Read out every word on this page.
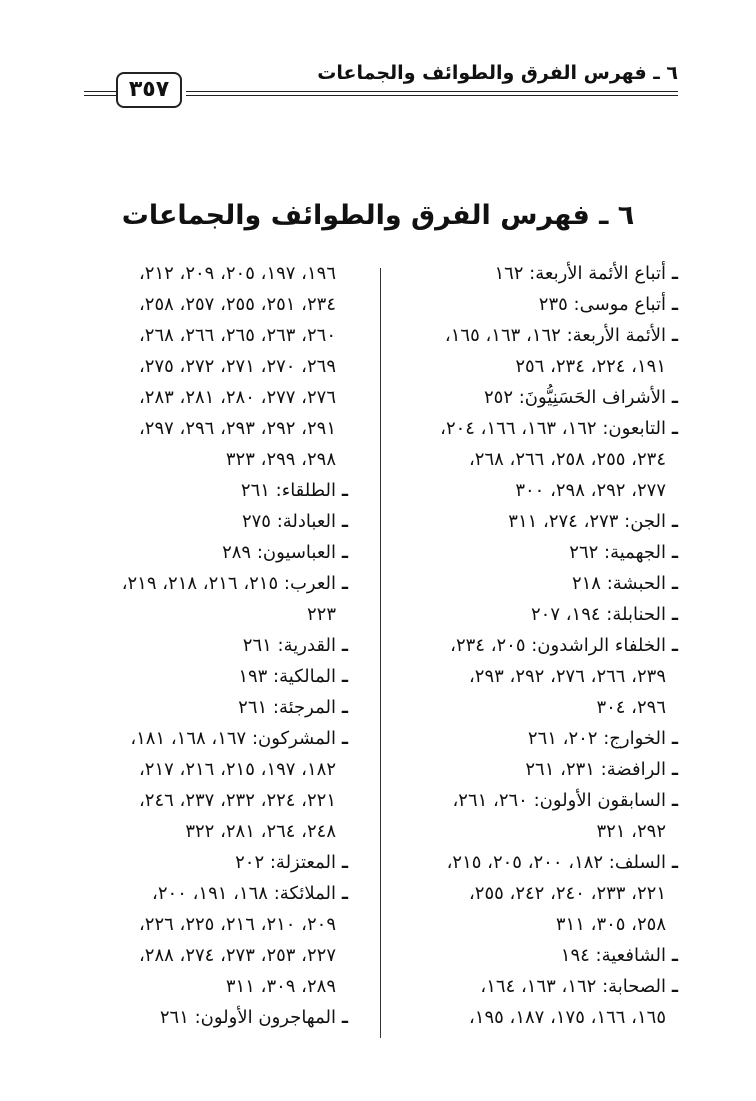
٦ ـ فهرس الفرق والطوائف والجماعات
٣٥٧
٦ ـ فهرس الفرق والطوائف والجماعات
ـأتباع الأئمة الأربعة: ١٦٢
ـأتباع موسى: ٢٣٥
ـالأئمة الأربعة: ١٦٢، ١٦٣، ١٦٥،
١٩١، ٢٢٤، ٢٣٤، ٢٥٦
ـالأشراف الحَسَنِيُّونَ: ٢٥٢
ـالتابعون: ١٦٢، ١٦٣، ١٦٦، ٢٠٤،
٢٣٤، ٢٥٥، ٢٥٨، ٢٦٦، ٢٦٨،
٢٧٧، ٢٩٢، ٢٩٨، ٣٠٠
ـالجن: ٢٧٣، ٢٧٤، ٣١١
ـالجهمية: ٢٦٢
ـالحبشة: ٢١٨
ـالحنابلة: ١٩٤، ٢٠٧
ـالخلفاء الراشدون: ٢٠٥، ٢٣٤،
٢٣٩، ٢٦٦، ٢٧٦، ٢٩٢، ٢٩٣،
٢٩٦، ٣٠٤
ـالخوارج: ٢٠٢، ٢٦١
ـالرافضة: ٢٣١، ٢٦١
ـالسابقون الأولون: ٢٦٠، ٢٦١،
٢٩٢، ٣٢١
ـالسلف: ١٨٢، ٢٠٠، ٢٠٥، ٢١٥،
٢٢١، ٢٣٣، ٢٤٠، ٢٤٢، ٢٥٥،
٢٥٨، ٣٠٥، ٣١١
ـالشافعية: ١٩٤
ـالصحابة: ١٦٢، ١٦٣، ١٦٤،
١٦٥، ١٦٦، ١٧٥، ١٨٧، ١٩٥،
١٩٦، ١٩٧، ٢٠٥، ٢٠٩، ٢١٢،
٢٣٤، ٢٥١، ٢٥٥، ٢٥٧، ٢٥٨،
٢٦٠، ٢٦٣، ٢٦٥، ٢٦٦، ٢٦٨،
٢٦٩، ٢٧٠، ٢٧١، ٢٧٢، ٢٧٥،
٢٧٦، ٢٧٧، ٢٨٠، ٢٨١، ٢٨٣،
٢٩١، ٢٩٢، ٢٩٣، ٢٩٦، ٢٩٧،
٢٩٨، ٢٩٩، ٣٢٣
ـالطلقاء: ٢٦١
ـالعبادلة: ٢٧٥
ـالعباسيون: ٢٨٩
ـالعرب: ٢١٥، ٢١٦، ٢١٨، ٢١٩،
٢٢٣
ـالقدرية: ٢٦١
ـالمالكية: ١٩٣
ـالمرجئة: ٢٦١
ـالمشركون: ١٦٧، ١٦٨، ١٨١،
١٨٢، ١٩٧، ٢١٥، ٢١٦، ٢١٧،
٢٢١، ٢٢٤، ٢٣٢، ٢٣٧، ٢٤٦،
٢٤٨، ٢٦٤، ٢٨١، ٣٢٢
ـالمعتزلة: ٢٠٢
ـالملائكة: ١٦٨، ١٩١، ٢٠٠،
٢٠٩، ٢١٠، ٢١٦، ٢٢٥، ٢٢٦،
٢٢٧، ٢٥٣، ٢٧٣، ٢٧٤، ٢٨٨،
٢٨٩، ٣٠٩، ٣١١
ـالمهاجرون الأولون: ٢٦١
